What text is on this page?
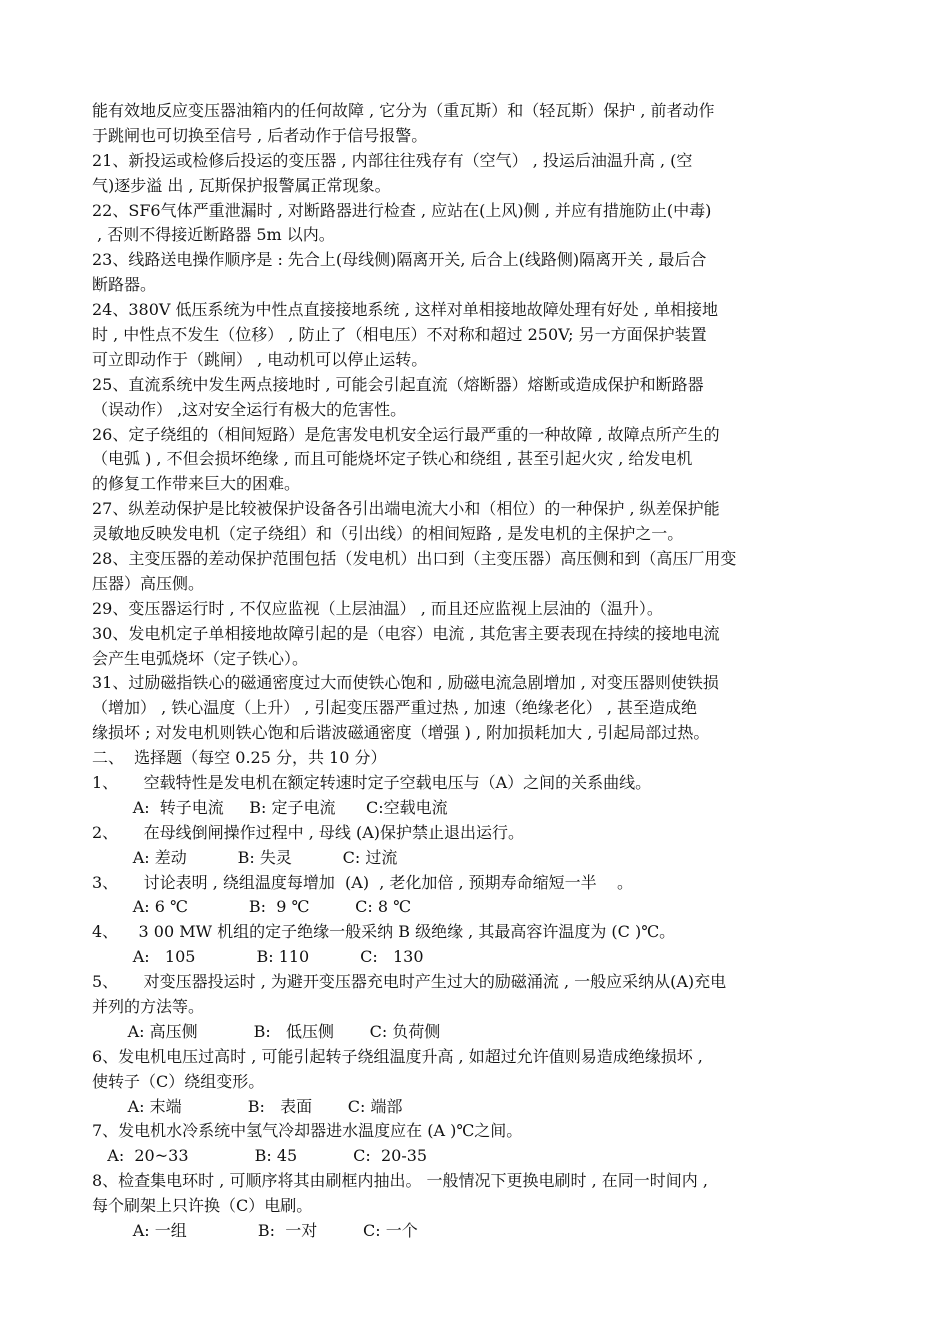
能有效地反应变压器油箱内的任何故障 , 它分为（重瓦斯）和（轻瓦斯）保护 , 前者动作
于跳闸也可切换至信号 , 后者动作于信号报警。
21、新投运或检修后投运的变压器 , 内部往往残存有（空气） , 投运后油温升高 , (空
气)逐步溢 出 , 瓦斯保护报警属正常现象。
22、SF6气体严重泄漏时 , 对断路器进行检查 , 应站在(上风)侧 , 并应有措施防止(中毒)
, 否则不得接近断路器 5m 以内。
23、线路送电操作顺序是 : 先合上(母线侧)隔离开关, 后合上(线路侧)隔离开关 , 最后合
断路器。
24、380V 低压系统为中性点直接接地系统 , 这样对单相接地故障处理有好处 , 单相接地
时 , 中性点不发生（位移） , 防止了（相电压）不对称和超过 250V; 另一方面保护装置
可立即动作于（跳闸） , 电动机可以停止运转。
25、直流系统中发生两点接地时 , 可能会引起直流（熔断器）熔断或造成保护和断路器
（误动作） ,这对安全运行有极大的危害性。
26、定子绕组的（相间短路）是危害发电机安全运行最严重的一种故障 , 故障点所产生的
（电弧 ) , 不但会损坏绝缘 , 而且可能烧坏定子铁心和绕组 , 甚至引起火灾 , 给发电机
的修复工作带来巨大的困难。
27、纵差动保护是比较被保护设备各引出端电流大小和（相位）的一种保护 , 纵差保护能
灵敏地反映发电机（定子绕组）和（引出线）的相间短路 , 是发电机的主保护之一。
28、主变压器的差动保护范围包括（发电机）出口到（主变压器）高压侧和到（高压厂用变
压器）高压侧。
29、变压器运行时 , 不仅应监视（上层油温） , 而且还应监视上层油的（温升）。
30、发电机定子单相接地故障引起的是（电容）电流 , 其危害主要表现在持续的接地电流
会产生电弧烧坏（定子铁心）。
31、过励磁指铁心的磁通密度过大而使铁心饱和 , 励磁电流急剧增加 , 对变压器则使铁损
（增加） , 铁心温度（上升） , 引起变压器严重过热 , 加速（绝缘老化） , 甚至造成绝
缘损坏 ; 对发电机则铁心饱和后谐波磁通密度（增强 ) , 附加损耗加大 , 引起局部过热。
二、  选择题（每空 0.25 分，共 10 分）
1、     空载特性是发电机在额定转速时定子空载电压与（A）之间的关系曲线。
A:  转子电流     B: 定子电流      C:空载电流
2、     在母线倒闸操作过程中 , 母线 (A)保护禁止退出运行。
A: 差动          B: 失灵          C: 过流
3、     讨论表明 , 绕组温度每增加  (A)  , 老化加倍 , 预期寿命缩短一半    。
A: 6 ℃            B:  9 ℃         C: 8 ℃
4、    3 00 MW 机组的定子绝缘一般采纳 B 级绝缘 , 其最高容许温度为 (C )℃。
A:   105            B: 110          C:   130
5、     对变压器投运时 , 为避开变压器充电时产生过大的励磁涌流 , 一般应采纳从(A)充电
并列的方法等。
A: 高压侧           B:   低压侧       C: 负荷侧
6、发电机电压过高时 , 可能引起转子绕组温度升高 , 如超过允许值则易造成绝缘损坏 ,
使转子（C）绕组变形。
A: 末端             B:   表面       C: 端部
7、发电机水冷系统中氢气冷却器进水温度应在 (A )℃之间。
A:  20~33             B: 45           C:  20-35
8、检查集电环时 , 可顺序将其由刷框内抽出。 一般情况下更换电刷时 , 在同一时间内 ,
每个刷架上只许换（C）电刷。
A: 一组              B:  一对         C: 一个
